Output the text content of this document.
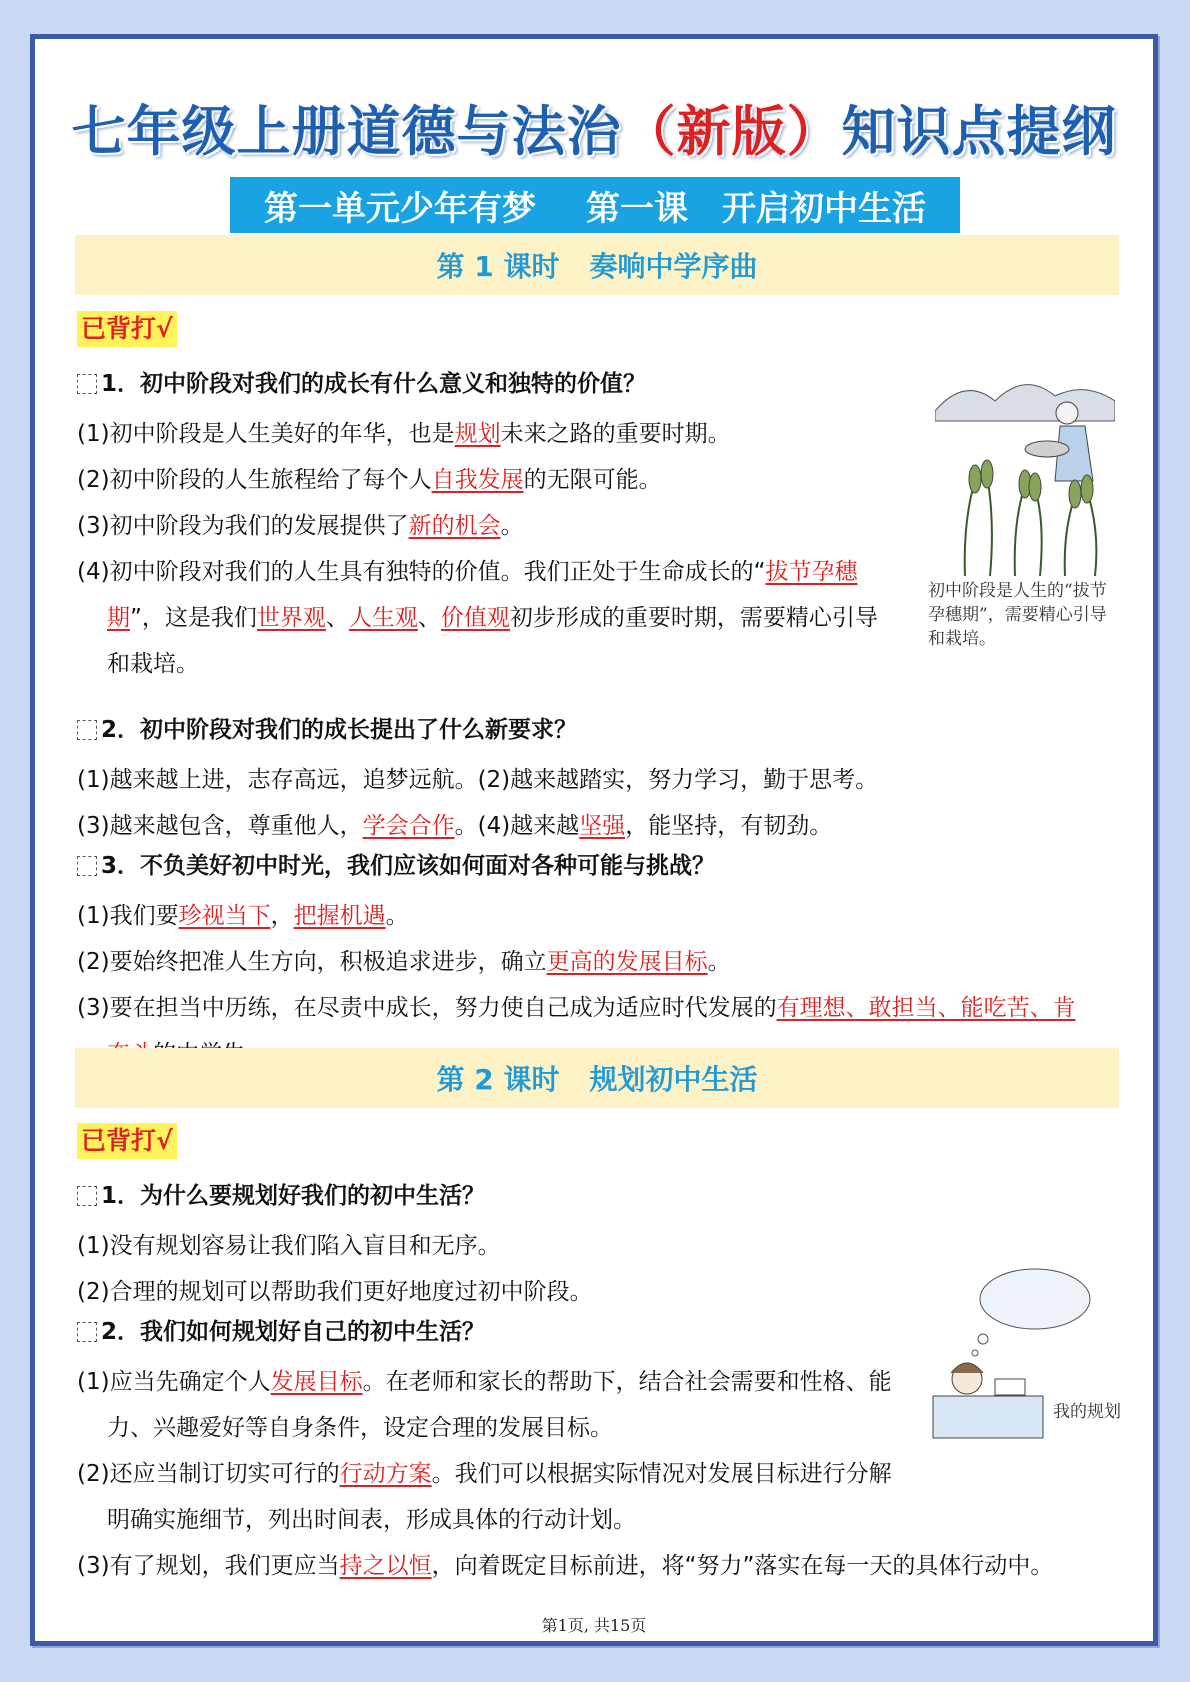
七年级上册道德与法治（新版）知识点提纲
第一单元少年有梦 第一课　开启初中生活
第 1 课时 奏响中学序曲
已背打√
1．初中阶段对我们的成长有什么意义和独特的价值？
(1)初中阶段是人生美好的年华，也是规划未来之路的重要时期。
(2)初中阶段的人生旅程给了每个人自我发展的无限可能。
(3)初中阶段为我们的发展提供了新的机会。
(4)初中阶段对我们的人生具有独特的价值。我们正处于生命成长的“拔节孕穗
期”，这是我们世界观、人生观、价值观初步形成的重要时期，需要精心引导
和栽培。
初中阶段是人生的“拔节孕穗期”，需要精心引导和栽培。
2．初中阶段对我们的成长提出了什么新要求？
(1)越来越上进，志存高远，追梦远航。(2)越来越踏实，努力学习，勤于思考。
(3)越来越包含，尊重他人，学会合作。(4)越来越坚强，能坚持，有韧劲。
3．不负美好初中时光，我们应该如何面对各种可能与挑战？
(1)我们要珍视当下，把握机遇。
(2)要始终把准人生方向，积极追求进步，确立更高的发展目标。
(3)要在担当中历练，在尽责中成长，努力使自己成为适应时代发展的有理想、敢担当、能吃苦、肯
第 2 课时 规划初中生活
已背打√
1．为什么要规划好我们的初中生活？
(1)没有规划容易让我们陷入盲目和无序。
(2)合理的规划可以帮助我们更好地度过初中阶段。
2．我们如何规划好自己的初中生活？
(1)应当先确定个人发展目标。在老师和家长的帮助下，结合社会需要和性格、能
力、兴趣爱好等自身条件，设定合理的发展目标。
(2)还应当制订切实可行的行动方案。我们可以根据实际情况对发展目标进行分解
明确实施细节，列出时间表，形成具体的行动计划。
(3)有了规划，我们更应当持之以恒，向着既定目标前进，将“努力”落实在每一天的具体行动中。
我的规划
第1页, 共15页
